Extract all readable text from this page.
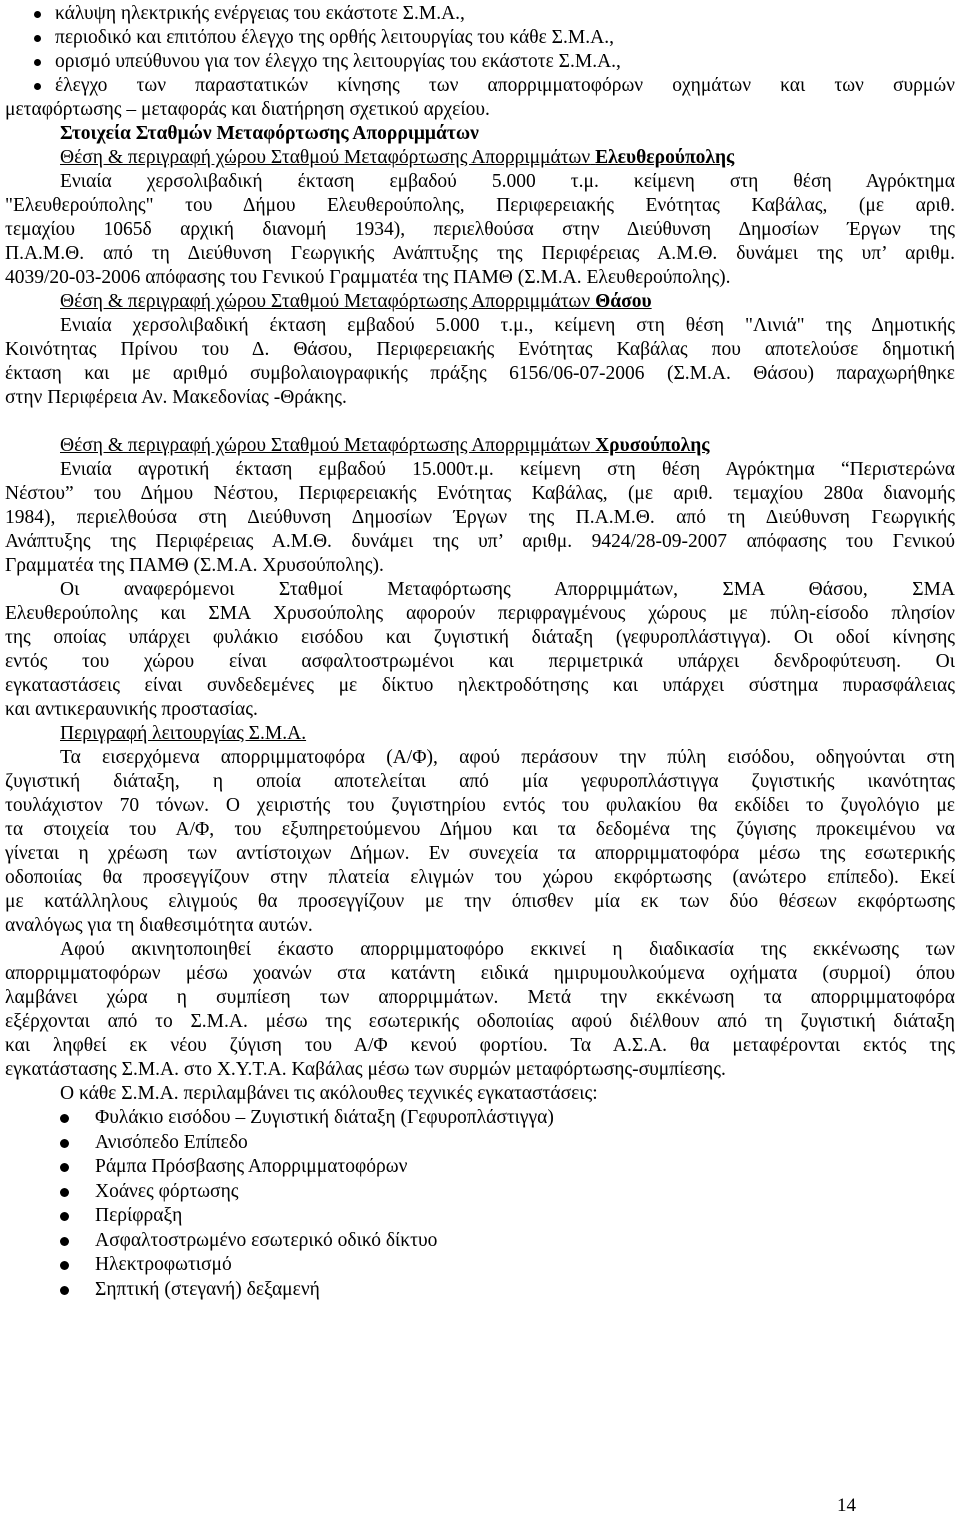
κάλυψη ηλεκτρικής ενέργειας του εκάστοτε Σ.Μ.Α.,
περιοδικό και επιτόπου έλεγχο της ορθής λειτουργίας του κάθε Σ.Μ.Α.,
ορισμό υπεύθυνου για τον έλεγχο της λειτουργίας του εκάστοτε Σ.Μ.Α.,
έλεγχο των παραστατικών κίνησης των απορριμματοφόρων οχημάτων και των συρμών
μεταφόρτωσης – μεταφοράς και διατήρηση σχετικού αρχείου.
Στοιχεία Σταθμών Μεταφόρτωσης Απορριμμάτων
Θέση & περιγραφή χώρου Σταθμού Μεταφόρτωσης Απορριμμάτων Ελευθερούπολης
Ενιαία χερσολιβαδική έκταση εμβαδού 5.000 τ.μ. κείμενη στη θέση Αγρόκτημα
"Ελευθερούπολης" του Δήμου Ελευθερούπολης, Περιφερειακής Ενότητας Καβάλας, (με αριθ.
τεμαχίου 1065δ αρχική διανομή 1934), περιελθούσα στην Διεύθυνση Δημοσίων Έργων της
Π.Α.Μ.Θ. από τη Διεύθυνση Γεωργικής Ανάπτυξης της Περιφέρειας Α.Μ.Θ. δυνάμει της υπ’ αριθμ.
4039/20-03-2006 απόφασης του Γενικού Γραμματέα της ΠΑΜΘ (Σ.Μ.Α. Ελευθερούπολης).
Θέση & περιγραφή χώρου Σταθμού Μεταφόρτωσης Απορριμμάτων Θάσου
Ενιαία χερσολιβαδική έκταση εμβαδού 5.000 τ.μ., κείμενη στη θέση "Λινιά" της Δημοτικής
Κοινότητας Πρίνου του Δ. Θάσου, Περιφερειακής Ενότητας Καβάλας που αποτελούσε δημοτική
έκταση και με αριθμό συμβολαιογραφικής πράξης 6156/06-07-2006 (Σ.Μ.Α. Θάσου) παραχωρήθηκε
στην Περιφέρεια Αν. Μακεδονίας -Θράκης.
Θέση & περιγραφή χώρου Σταθμού Μεταφόρτωσης Απορριμμάτων Χρυσούπολης
Ενιαία αγροτική έκταση εμβαδού 15.000τ.μ. κείμενη στη θέση Αγρόκτημα “Περιστερώνα
Νέστου” του Δήμου Νέστου, Περιφερειακής Ενότητας Καβάλας, (με αριθ. τεμαχίου 280α διανομής
1984), περιελθούσα στη Διεύθυνση Δημοσίων Έργων της Π.Α.Μ.Θ. από τη Διεύθυνση Γεωργικής
Ανάπτυξης της Περιφέρειας Α.Μ.Θ. δυνάμει της υπ’ αριθμ. 9424/28-09-2007 απόφασης του Γενικού
Γραμματέα της ΠΑΜΘ (Σ.Μ.Α. Χρυσούπολης).
Οι αναφερόμενοι Σταθμοί Μεταφόρτωσης Απορριμμάτων, ΣΜΑ Θάσου, ΣΜΑ
Ελευθερούπολης και ΣΜΑ Χρυσούπολης αφορούν περιφραγμένους χώρους με πύλη-είσοδο πλησίον
της οποίας υπάρχει φυλάκιο εισόδου και ζυγιστική διάταξη (γεφυροπλάστιγγα). Οι οδοί κίνησης
εντός του χώρου είναι ασφαλτοστρωμένοι και περιμετρικά υπάρχει δενδροφύτευση. Οι
εγκαταστάσεις είναι συνδεδεμένες με δίκτυο ηλεκτροδότησης και υπάρχει σύστημα πυρασφάλειας
και αντικεραυνικής προστασίας.
Περιγραφή λειτουργίας Σ.Μ.Α.
Τα εισερχόμενα απορριμματοφόρα (Α/Φ), αφού περάσουν την πύλη εισόδου, οδηγούνται στη
ζυγιστική διάταξη, η οποία αποτελείται από μία γεφυροπλάστιγγα ζυγιστικής ικανότητας
τουλάχιστον 70 τόνων. Ο χειριστής του ζυγιστηρίου εντός του φυλακίου θα εκδίδει το ζυγολόγιο με
τα στοιχεία του Α/Φ, του εξυπηρετούμενου Δήμου και τα δεδομένα της ζύγισης προκειμένου να
γίνεται η χρέωση των αντίστοιχων Δήμων. Εν συνεχεία τα απορριμματοφόρα μέσω της εσωτερικής
οδοποιίας θα προσεγγίζουν στην πλατεία ελιγμών του χώρου εκφόρτωσης (ανώτερο επίπεδο). Εκεί
με κατάλληλους ελιγμούς θα προσεγγίζουν με την όπισθεν μία εκ των δύο θέσεων εκφόρτωσης
αναλόγως για τη διαθεσιμότητα αυτών.
Αφού ακινητοποιηθεί έκαστο απορριμματοφόρο εκκινεί η διαδικασία της εκκένωσης των
απορριμματοφόρων μέσω χοανών στα κατάντη ειδικά ημιρυμουλκούμενα οχήματα (συρμοί) όπου
λαμβάνει χώρα η συμπίεση των απορριμμάτων. Μετά την εκκένωση τα απορριμματοφόρα
εξέρχονται από το Σ.Μ.Α. μέσω της εσωτερικής οδοποιίας αφού διέλθουν από τη ζυγιστική διάταξη
και ληφθεί εκ νέου ζύγιση του Α/Φ κενού φορτίου. Τα Α.Σ.Α. θα μεταφέρονται εκτός της
εγκατάστασης Σ.Μ.Α. στο Χ.Υ.Τ.Α. Καβάλας μέσω των συρμών μεταφόρτωσης-συμπίεσης.
Ο κάθε Σ.Μ.Α. περιλαμβάνει τις ακόλουθες τεχνικές εγκαταστάσεις:
Φυλάκιο εισόδου – Ζυγιστική διάταξη (Γεφυροπλάστιγγα)
Ανισόπεδο Επίπεδο
Ράμπα Πρόσβασης Απορριμματοφόρων
Χοάνες φόρτωσης
Περίφραξη
Ασφαλτοστρωμένο εσωτερικό οδικό δίκτυο
Ηλεκτροφωτισμό
Σηπτική (στεγανή) δεξαμενή
14
